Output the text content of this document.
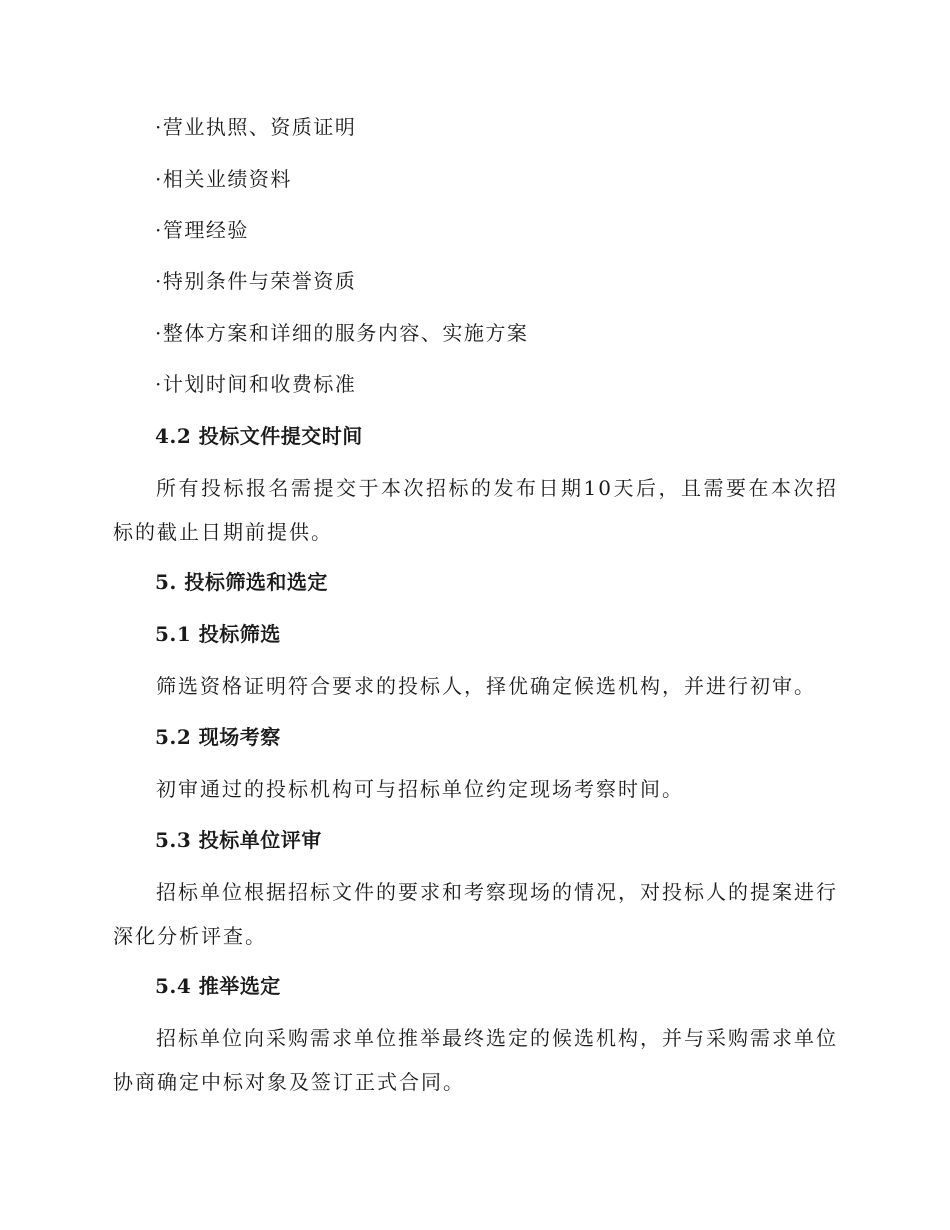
·营业执照、资质证明
·相关业绩资料
·管理经验
·特别条件与荣誉资质
·整体方案和详细的服务内容、实施方案
·计划时间和收费标准
4.2 投标文件提交时间
所有投标报名需提交于本次招标的发布日期10天后，且需要在本次招标的截止日期前提供。
5. 投标筛选和选定
5.1 投标筛选
筛选资格证明符合要求的投标人，择优确定候选机构，并进行初审。
5.2 现场考察
初审通过的投标机构可与招标单位约定现场考察时间。
5.3 投标单位评审
招标单位根据招标文件的要求和考察现场的情况，对投标人的提案进行深化分析评查。
5.4 推举选定
招标单位向采购需求单位推举最终选定的候选机构，并与采购需求单位协商确定中标对象及签订正式合同。
